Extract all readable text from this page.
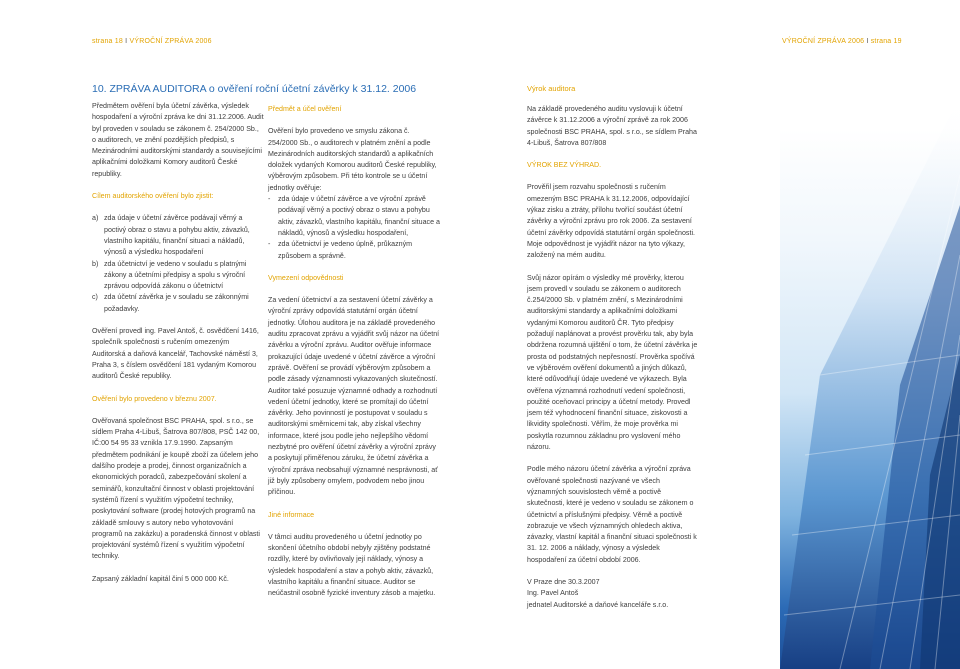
strana 18 I VÝROČNÍ ZPRÁVA 2006	VÝROČNÍ ZPRÁVA 2006 I strana 19
10. ZPRÁVA AUDITORA o ověření roční účetní závěrky k 31.12. 2006	Výrok auditora

Předmětem ověření byla účetní závěrka, výsledek hospodaření a výroční zpráva ke dni 31.12.2006. Audit byl proveden v souladu se zákonem č. 254/2000 Sb., o auditorech, ve znění pozdějších předpisů, s Mezinárodními auditorskými standardy a souvisejícími aplikačními doložkami Komory auditorů České republiky.

Cílem auditorského ověření bylo zjistit:

a) zda údaje v účetní závěrce podávají věrný a poctivý obraz o stavu a pohybu aktiv, závazků, vlastního kapitálu, finanční situaci a nákladů, výnosů a výsledku hospodaření
b) zda účetnictví je vedeno v souladu s platnými zákony a účetními předpisy a spolu s výroční zprávou odpovídá zákonu o účetnictví
c) zda účetní závěrka je v souladu se zákonnými požadavky.

Ověření provedl ing. Pavel Antoš, č. osvědčení 1416, společník společnosti s ručením omezeným Auditorská a daňová kancelář, Tachovské náměstí 3, Praha 3, s číslem osvědčení 181 vydaným Komorou auditorů České republiky.

Ověření bylo provedeno v březnu 2007.

Ověřovaná společnost BSC PRAHA, spol. s r.o., se sídlem Praha 4-Libuš, Šatrova 807/808, PSČ 142 00, IČ:00 54 95 33 vznikla 17.9.1990. Zapsaným předmětem podnikání je koupě zboží za účelem jeho dalšího prodeje a prodej, činnost organizačních a ekonomických poradců, zabezpečování skolení a seminářů, konzultační činnost v oblasti projektování systémů řízení s využitím výpočetní techniky, poskytování software (prodej hotových programů na základě smlouvy s autory nebo vyhotovování programů na zakázku) a poradenská činnost v oblasti projektování systémů řízení s využitím výpočetní techniky.

Zapsaný základní kapitál činí 5 000 000 Kč.

Předmět a účel ověření

Ověření bylo provedeno ve smyslu zákona č. 254/2000 Sb., o auditorech v platném znění a podle Mezinárodních auditorských standardů a aplikačních doložek vydaných Komorou auditorů České republiky, výběrovým způsobem. Při této kontrole se u účetní jednotky ověřuje:

-	zda údaje v účetní závěrce a ve výroční zprávě podávají věrný a poctivý obraz o stavu a pohybu aktiv, závazků, vlastního kapitálu, finanční situace a nákladů, výnosů a výsledku hospodaření,
-	zda účetnictví je vedeno úplně, průkazným způsobem a správně.

Vymezení odpovědnosti

Za vedení účetnictví a za sestavení účetní závěrky a výroční zprávy odpovídá statutární orgán účetní jednotky. Úlohou auditora je na základě provedeného auditu zpracovat zprávu a vyjádřit svůj názor na účetní závěrku a výroční zprávu. Auditor ověřuje informace prokazující údaje uvedené v účetní závěrce a výroční zprávě. Ověření se provádí výběrovým způsobem a podle zásady významnosti vykazovaných skutečností. Auditor také posuzuje významné odhady a rozhodnutí vedení účetní jednotky, které se promítají do účetní závěrky. Jeho povinností je postupovat v souladu s auditorskými směrnicemi tak, aby získal všechny informace, které jsou podle jeho nejlepšího vědomí nezbytné pro ověření účetní závěrky a výroční zprávy a poskytují přiměřenou záruku, že účetní závěrka a výroční zpráva neobsahují významné nesprávnosti, ať již byly způsobeny omylem, podvodem nebo jinou příčinou.

Jiné informace

V tâmci auditu provedeného u účetní jednotky po skončení účetního období nebyly zjištěny podstatné rozdíly, které by ovlivňovaly její náklady, výnosy a výsledek hospodaření a stav a pohyb aktiv, závazků, vlastního kapitálu a finanční situace. Auditor se neúčastnil osobně fyzické inventury zásob a majetku.

Na základě provedeného auditu vyslovuji k účetní závěrce k 31.12.2006 a výroční zprávě za rok 2006 společnosti BSC PRAHA, spol. s r.o., se sídlem Praha 4-Libuš, Šatrova 807/808

VÝROK BEZ VÝHRAD.

Prověřil jsem rozvahu společnosti s ručením omezeným BSC PRAHA k 31.12.2006, odpovídající výkaz zisku a ztráty, přílohu tvořící součást účetní závěrky a výroční zprávu pro rok 2006. Za sestavení účetní závěrky odpovídá statutární orgán společnosti. Moje odpovědnost je vyjádřit názor na tyto výkazy, založený na mém auditu.

Svůj názor opírám o výsledky mé prověrky, kterou jsem provedl v souladu se zákonem o auditorech č.254/2000 Sb. v platném znění, s Mezinárodními auditorskými standardy a aplikačními doložkami vydanými Komorou auditorů ČR. Tyto předpisy požadují naplánovat a provést prověrku tak, aby byla obdržena rozumná ujištění o tom, že účetní závěrka je prosta od podstatných nepřesností. Prověrka spočívá ve výběrovém ověření dokumentů a jiných důkazů, které odůvodňují údaje uvedené ve výkazech. Byla ověřena významná rozhodnutí vedení společnosti, použité oceňovací principy a účetní metody. Provedl jsem též vyhodnocení finanční situace, ziskovosti a likvidity společnosti. Věřím, že moje prověrka mi poskytla rozumnou základnu pro vyslovení mého názoru.

Podle mého názoru účetní závěrka a výroční zpráva ověřované společnosti nazývané ve všech významných souvislostech věrně a poctivě skutečnosti, které je vedeno v souladu se zákonem o účetnictví a příslušnými předpisy. Věrně a poctivě zobrazuje ve všech významných ohledech aktiva, závazky, vlastní kapitál a finanční situaci společnosti k 31. 12. 2006 a náklady, výnosy a výsledek hospodaření za účetní období 2006.

V Praze dne 30.3.2007

Ing. Pavel Antoš

jednatel Auditorské a daňové kanceláře s.r.o.
